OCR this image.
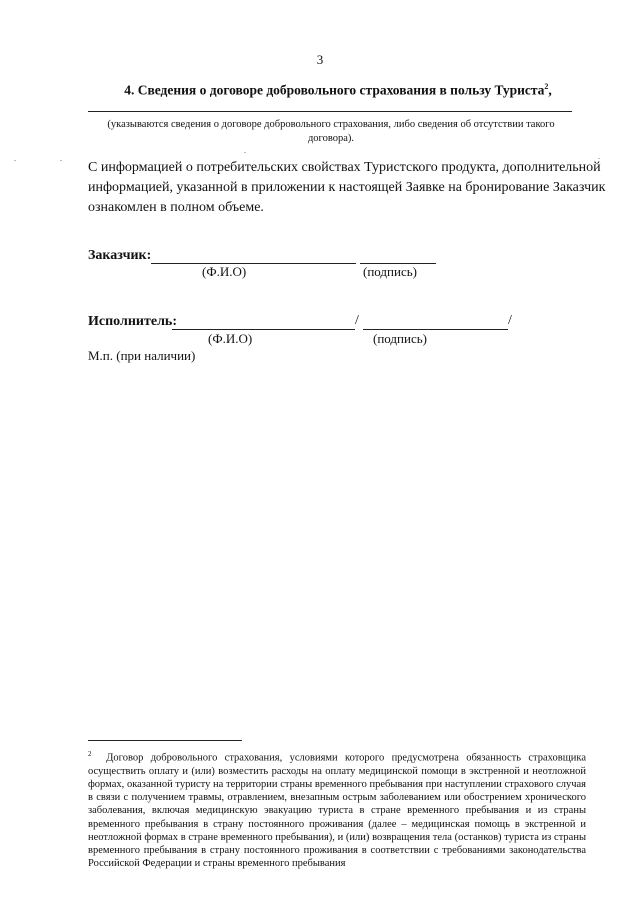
3
4. Сведения о договоре добровольного страхования в пользу Туриста$^2$,
(указываются сведения о договоре добровольного страхования, либо сведения об отсутствии такого договора).
С информацией о потребительских свойствах Туристского продукта, дополнительной
информацией, указанной в приложении к настоящей Заявке на бронирование Заказчик
ознакомлен в полном объеме.
Заказчик:
(Ф.И.О)	(подпись)
Исполнитель:	/	/
(Ф.И.О)	(подпись)
М.п. (при наличии)
$^2$ Договор добровольного страхования, условиями которого предусмотрена обязанность страховщика осуществить оплату и (или) возместить расходы на оплату медицинской помощи в экстренной и неотложной формах, оказанной туристу на территории страны временного пребывания при наступлении страхового случая в связи с получением травмы, отравлением, внезапным острым заболеванием или обострением хронического заболевания, включая медицинскую эвакуацию туриста в стране временного пребывания и из страны временного пребывания в страну постоянного проживания (далее – медицинская помощь в экстренной и неотложной формах в стране временного пребывания), и (или) возвращения тела (останков) туриста из страны временного пребывания в страну постоянного проживания в соответствии с требованиями законодательства Российской Федерации и страны временного пребывания
